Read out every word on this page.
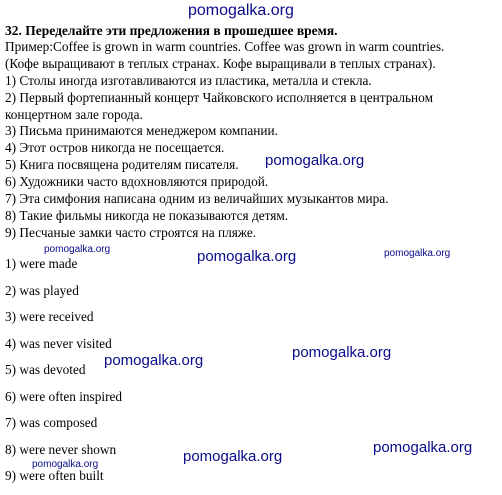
pomogalka.org
32. Переделайте эти предложения в прошедшее время.
Пример:Coffee is grown in warm countries. Coffee was grown in warm countries.
(Кофе выращивают в теплых странах. Кофе выращивали в теплых странах).
1) Столы иногда изготавливаются из пластика, металла и стекла.
2) Первый фортепианный концерт Чайковского исполняется в центральном
концертном зале города.
3) Письма принимаются менеджером компании.
4) Этот остров никогда не посещается.
5) Книга посвящена родителям писателя.
6) Художники часто вдохновляются природой.
7) Эта симфония написана одним из величайших музыкантов мира.
8) Такие фильмы никогда не показываются детям.
9) Песчаные замки часто строятся на пляже.
1) were made
2) was played
3) were received
4) was never visited
5) was devoted
6) were often inspired
7) was composed
8) were never shown
9) were often built
pomogalka.org
pomogalka.org	pomogalka.org	pomogalka.org
pomogalka.org
pomogalka.org
pomogalka.org
pomogalka.org
pomogalka.org
